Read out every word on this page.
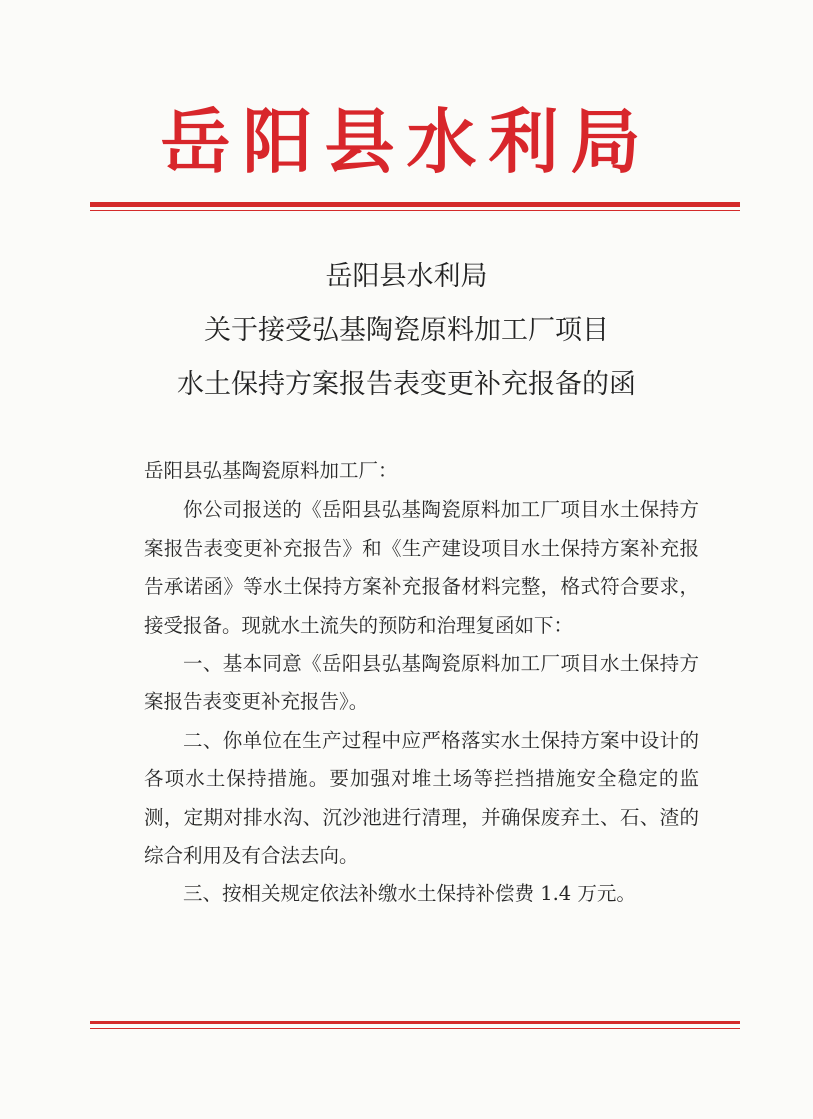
岳阳县水利局
岳阳县水利局
关于接受弘基陶瓷原料加工厂项目
水土保持方案报告表变更补充报备的函

岳阳县弘基陶瓷原料加工厂：

你公司报送的《岳阳县弘基陶瓷原料加工厂项目水土保持方案报告表变更补充报告》和《生产建设项目水土保持方案补充报告承诺函》等水土保持方案补充报备材料完整，格式符合要求，接受报备。现就水土流失的预防和治理复函如下：

一、基本同意《岳阳县弘基陶瓷原料加工厂项目水土保持方案报告表变更补充报告》。

二、你单位在生产过程中应严格落实水土保持方案中设计的各项水土保持措施。要加强对堆土场等拦挡措施安全稳定的监测，定期对排水沟、沉沙池进行清理，并确保废弃土、石、渣的综合利用及有合法去向。

三、按相关规定依法补缴水土保持补偿费 1.4 万元。
